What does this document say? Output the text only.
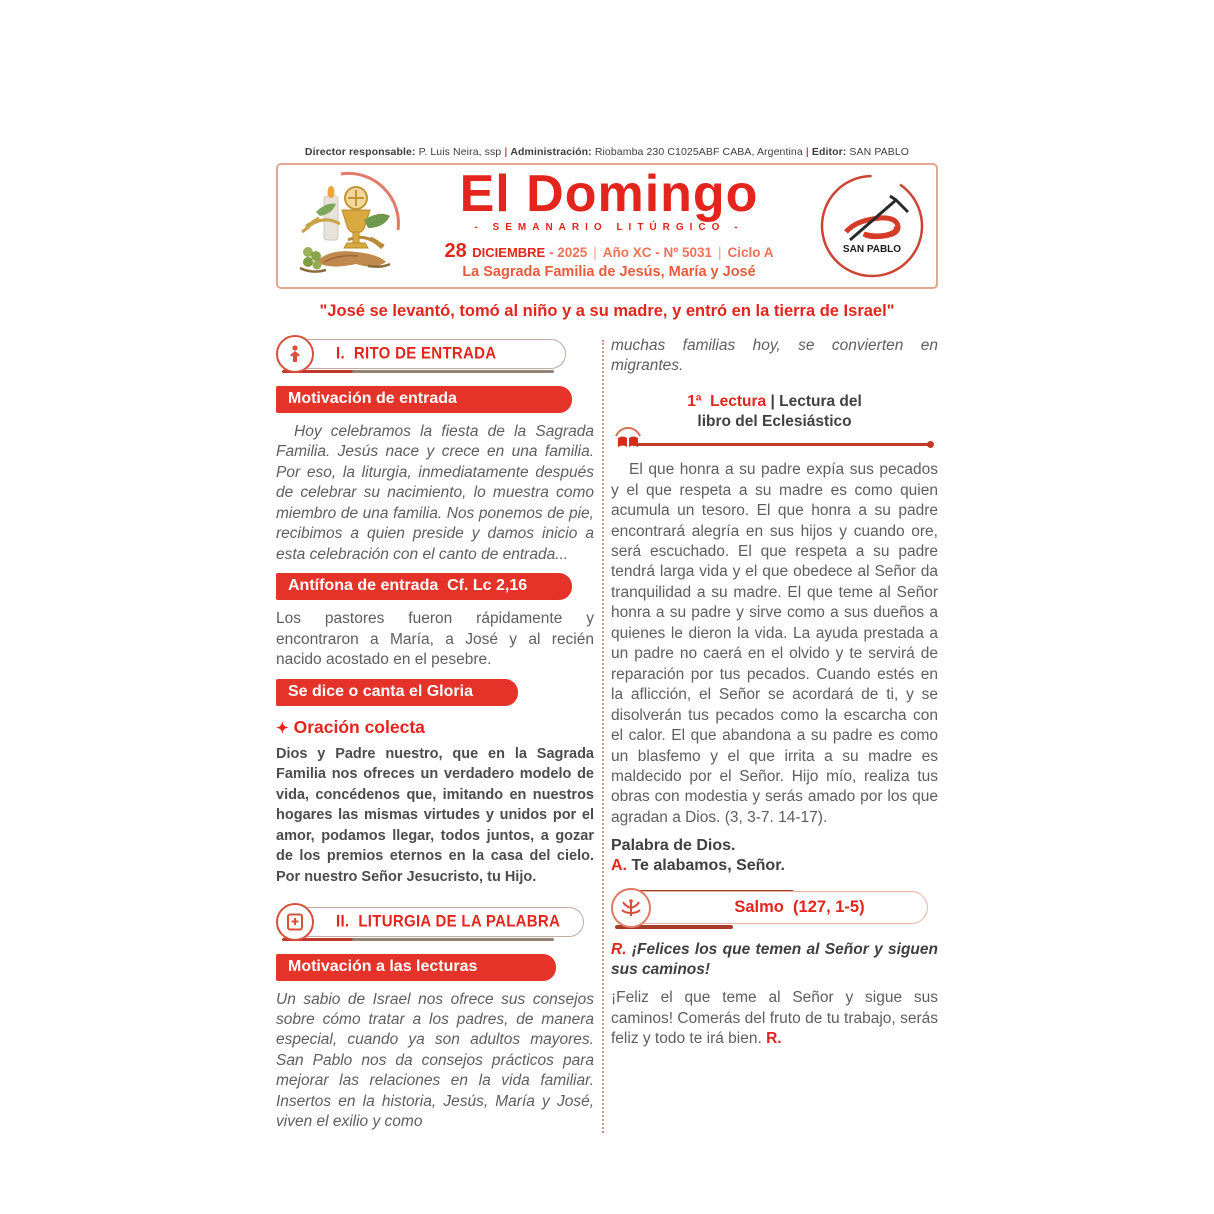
Director responsable: P. Luis Neira, ssp | Administración: Riobamba 230 C1025ABF CABA, Argentina | Editor: SAN PABLO
El Domingo
- SEMANARIO LITÚRGICO -
28 DICIEMBRE - 2025 | Año XC - Nº 5031 | Ciclo A
La Sagrada Familia de Jesús, María y José
SAN PABLO
"José se levantó, tomó al niño y a su madre, y entró en la tierra de Israel"
I.  RITO DE ENTRADA
Motivación de entrada

Hoy celebramos la fiesta de la Sagrada Familia. Jesús nace y crece en una familia. Por eso, la liturgia, inmediatamente después de celebrar su nacimiento, lo muestra como miembro de una familia. Nos ponemos de pie, recibimos a quien preside y damos inicio a esta celebración con el canto de entrada...

Antífona de entrada  Cf. Lc 2,16

Los pastores fueron rápidamente y encontraron a María, a José y al recién nacido acostado en el pesebre.

Se dice o canta el Gloria
✦ Oración colecta

Dios y Padre nuestro, que en la Sagrada Familia nos ofreces un verdadero modelo de vida, concédenos que, imitando en nuestros hogares las mismas virtudes y unidos por el amor, podamos llegar, todos juntos, a gozar de los premios eternos en la casa del cielo. Por nuestro Señor Jesucristo, tu Hijo.

II.  LITURGIA DE LA PALABRA
Motivación a las lecturas

Un sabio de Israel nos ofrece sus consejos sobre cómo tratar a los padres, de manera especial, cuando ya son adultos mayores. San Pablo nos da consejos prácticos para mejorar las relaciones en la vida familiar. Insertos en la historia, Jesús, María y José, viven el exilio y como

muchas familias hoy, se convierten en migrantes.

1ª  Lectura | Lectura del
libro del Eclesiástico

El que honra a su padre expía sus pecados y el que respeta a su madre es como quien acumula un tesoro. El que honra a su padre encontrará alegría en sus hijos y cuando ore, será escuchado. El que respeta a su padre tendrá larga vida y el que obedece al Señor da tranquilidad a su madre. El que teme al Señor honra a su padre y sirve como a sus dueños a quienes le dieron la vida. La ayuda prestada a un padre no caerá en el olvido y te servirá de reparación por tus pecados. Cuando estés en la aflicción, el Señor se acordará de ti, y se disolverán tus pecados como la escarcha con el calor. El que abandona a su padre es como un blasfemo y el que irrita a su madre es maldecido por el Señor. Hijo mío, realiza tus obras con modestia y serás amado por los que agradan a Dios. (3, 3-7. 14-17).

Palabra de Dios.
A. Te alabamos, Señor.
Salmo  (127, 1-5)
R. ¡Felices los que temen al Señor y siguen sus caminos!

¡Feliz el que teme al Señor y sigue sus caminos! Comerás del fruto de tu trabajo, serás feliz y todo te irá bien. R.
